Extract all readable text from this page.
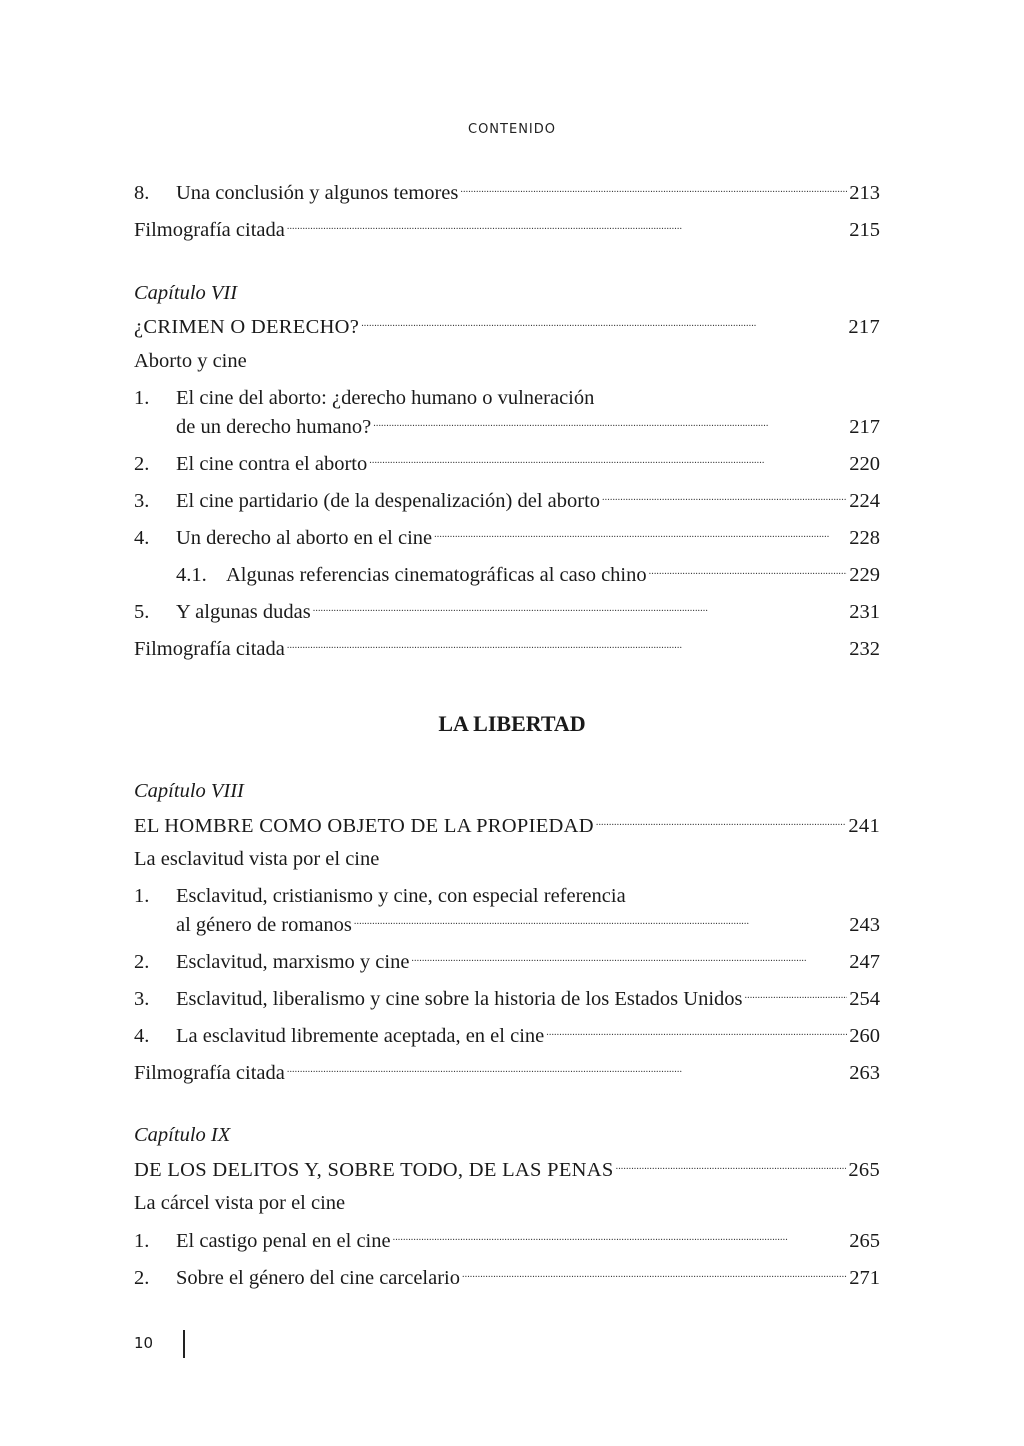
CONTENIDO
8.	Una conclusión y algunos temores . . .	213
Filmografía citada . . .	215
Capítulo VII
¿CRIMEN O DERECHO? . . .	217
Aborto y cine
1. El cine del aborto: ¿derecho humano o vulneración
de un derecho humano? . . .	217
2.	El cine contra el aborto . . .	220
3.	El cine partidario (de la despenalización) del aborto . . .	224
4.	Un derecho al aborto en el cine . . .	228
4.1. Algunas referencias cinematográficas al caso chino . . .	229
5.	Y algunas dudas . . .	231
Filmografía citada . . .	232
LA LIBERTAD
Capítulo VIII
EL HOMBRE COMO OBJETO DE LA PROPIEDAD . . .	241
La esclavitud vista por el cine
1. Esclavitud, cristianismo y cine, con especial referencia
al género de romanos . . .	243
2.	Esclavitud, marxismo y cine . . .	247
3.	Esclavitud, liberalismo y cine sobre la historia de los Estados Unidos . . .	254
4.	La esclavitud libremente aceptada, en el cine . . .	260
Filmografía citada . . .	263
Capítulo IX
DE LOS DELITOS Y, SOBRE TODO, DE LAS PENAS . . .	265
La cárcel vista por el cine
1.	El castigo penal en el cine . . .	265
2.	Sobre el género del cine carcelario . . .	271
10
